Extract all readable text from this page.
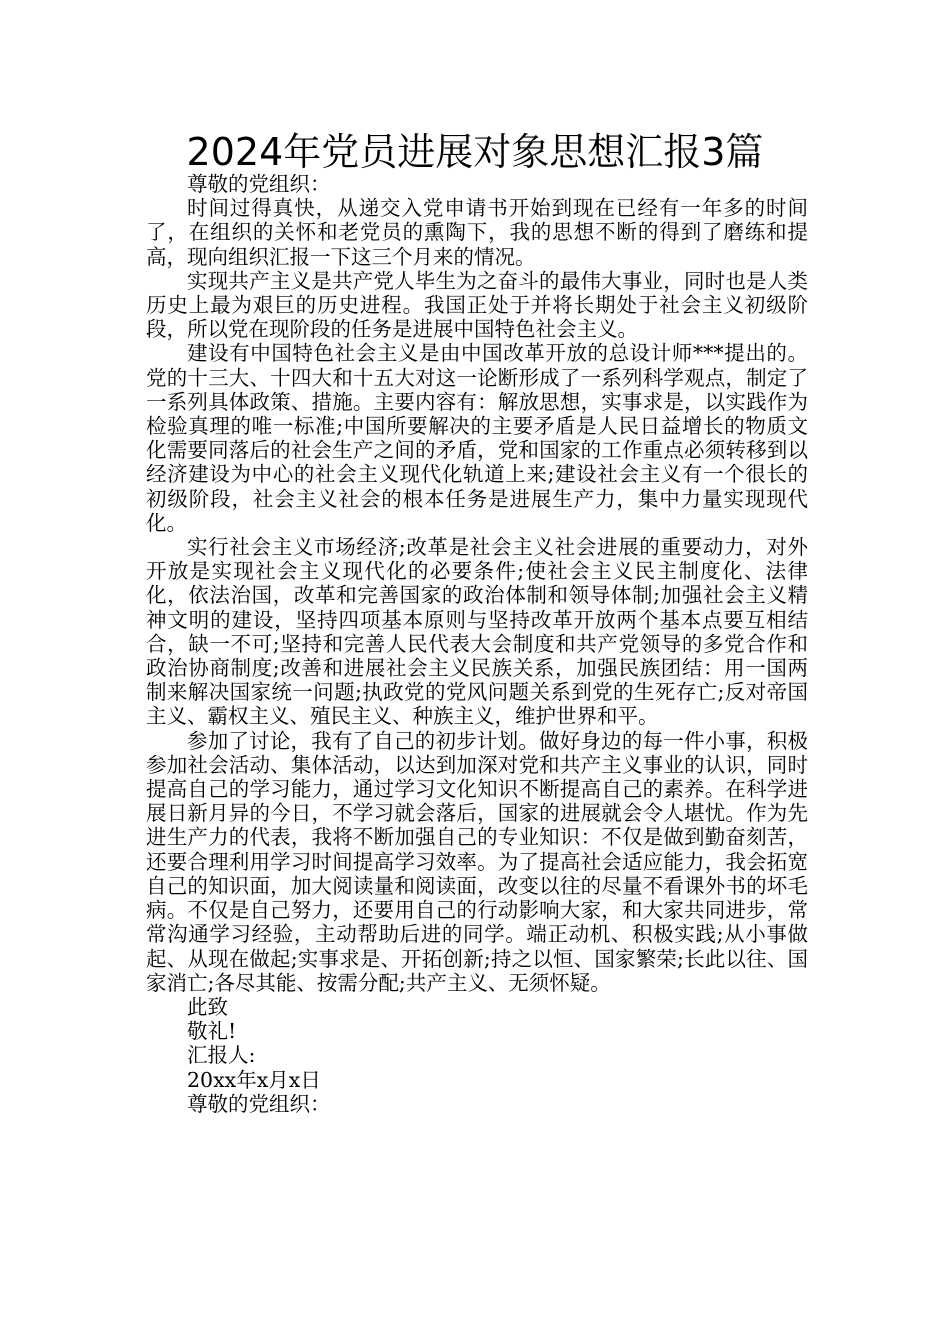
2024年党员进展对象思想汇报3篇
尊敬的党组织：

时间过得真快，从递交入党申请书开始到现在已经有一年多的时间了，在组织的关怀和老党员的熏陶下，我的思想不断的得到了磨练和提高，现向组织汇报一下这三个月来的情况。

实现共产主义是共产党人毕生为之奋斗的最伟大事业，同时也是人类历史上最为艰巨的历史进程。我国正处于并将长期处于社会主义初级阶段，所以党在现阶段的任务是进展中国特色社会主义。

建设有中国特色社会主义是由中国改革开放的总设计师***提出的。党的十三大、十四大和十五大对这一论断形成了一系列科学观点，制定了一系列具体政策、措施。主要内容有：解放思想，实事求是，以实践作为检验真理的唯一标准;中国所要解决的主要矛盾是人民日益增长的物质文化需要同落后的社会生产之间的矛盾，党和国家的工作重点必须转移到以经济建设为中心的社会主义现代化轨道上来;建设社会主义有一个很长的初级阶段，社会主义社会的根本任务是进展生产力，集中力量实现现代化。

实行社会主义市场经济;改革是社会主义社会进展的重要动力，对外开放是实现社会主义现代化的必要条件;使社会主义民主制度化、法律化，依法治国，改革和完善国家的政治体制和领导体制;加强社会主义精神文明的建设，坚持四项基本原则与坚持改革开放两个基本点要互相结合，缺一不可;坚持和完善人民代表大会制度和共产党领导的多党合作和政治协商制度;改善和进展社会主义民族关系，加强民族团结：用一国两制来解决国家统一问题;执政党的党风问题关系到党的生死存亡;反对帝国主义、霸权主义、殖民主义、种族主义，维护世界和平。

参加了讨论，我有了自己的初步计划。做好身边的每一件小事，积极参加社会活动、集体活动，以达到加深对党和共产主义事业的认识，同时提高自己的学习能力，通过学习文化知识不断提高自己的素养。在科学进展日新月异的今日，不学习就会落后，国家的进展就会令人堪忧。作为先进生产力的代表，我将不断加强自己的专业知识：不仅是做到勤奋刻苦，还要合理利用学习时间提高学习效率。为了提高社会适应能力，我会拓宽自己的知识面，加大阅读量和阅读面，改变以往的尽量不看课外书的坏毛病。不仅是自己努力，还要用自己的行动影响大家，和大家共同进步，常常沟通学习经验，主动帮助后进的同学。端正动机、积极实践;从小事做起、从现在做起;实事求是、开拓创新;持之以恒、国家繁荣;长此以往、国家消亡;各尽其能、按需分配;共产主义、无须怀疑。

此致
敬礼!
汇报人:
20xx年x月x日
尊敬的党组织：
